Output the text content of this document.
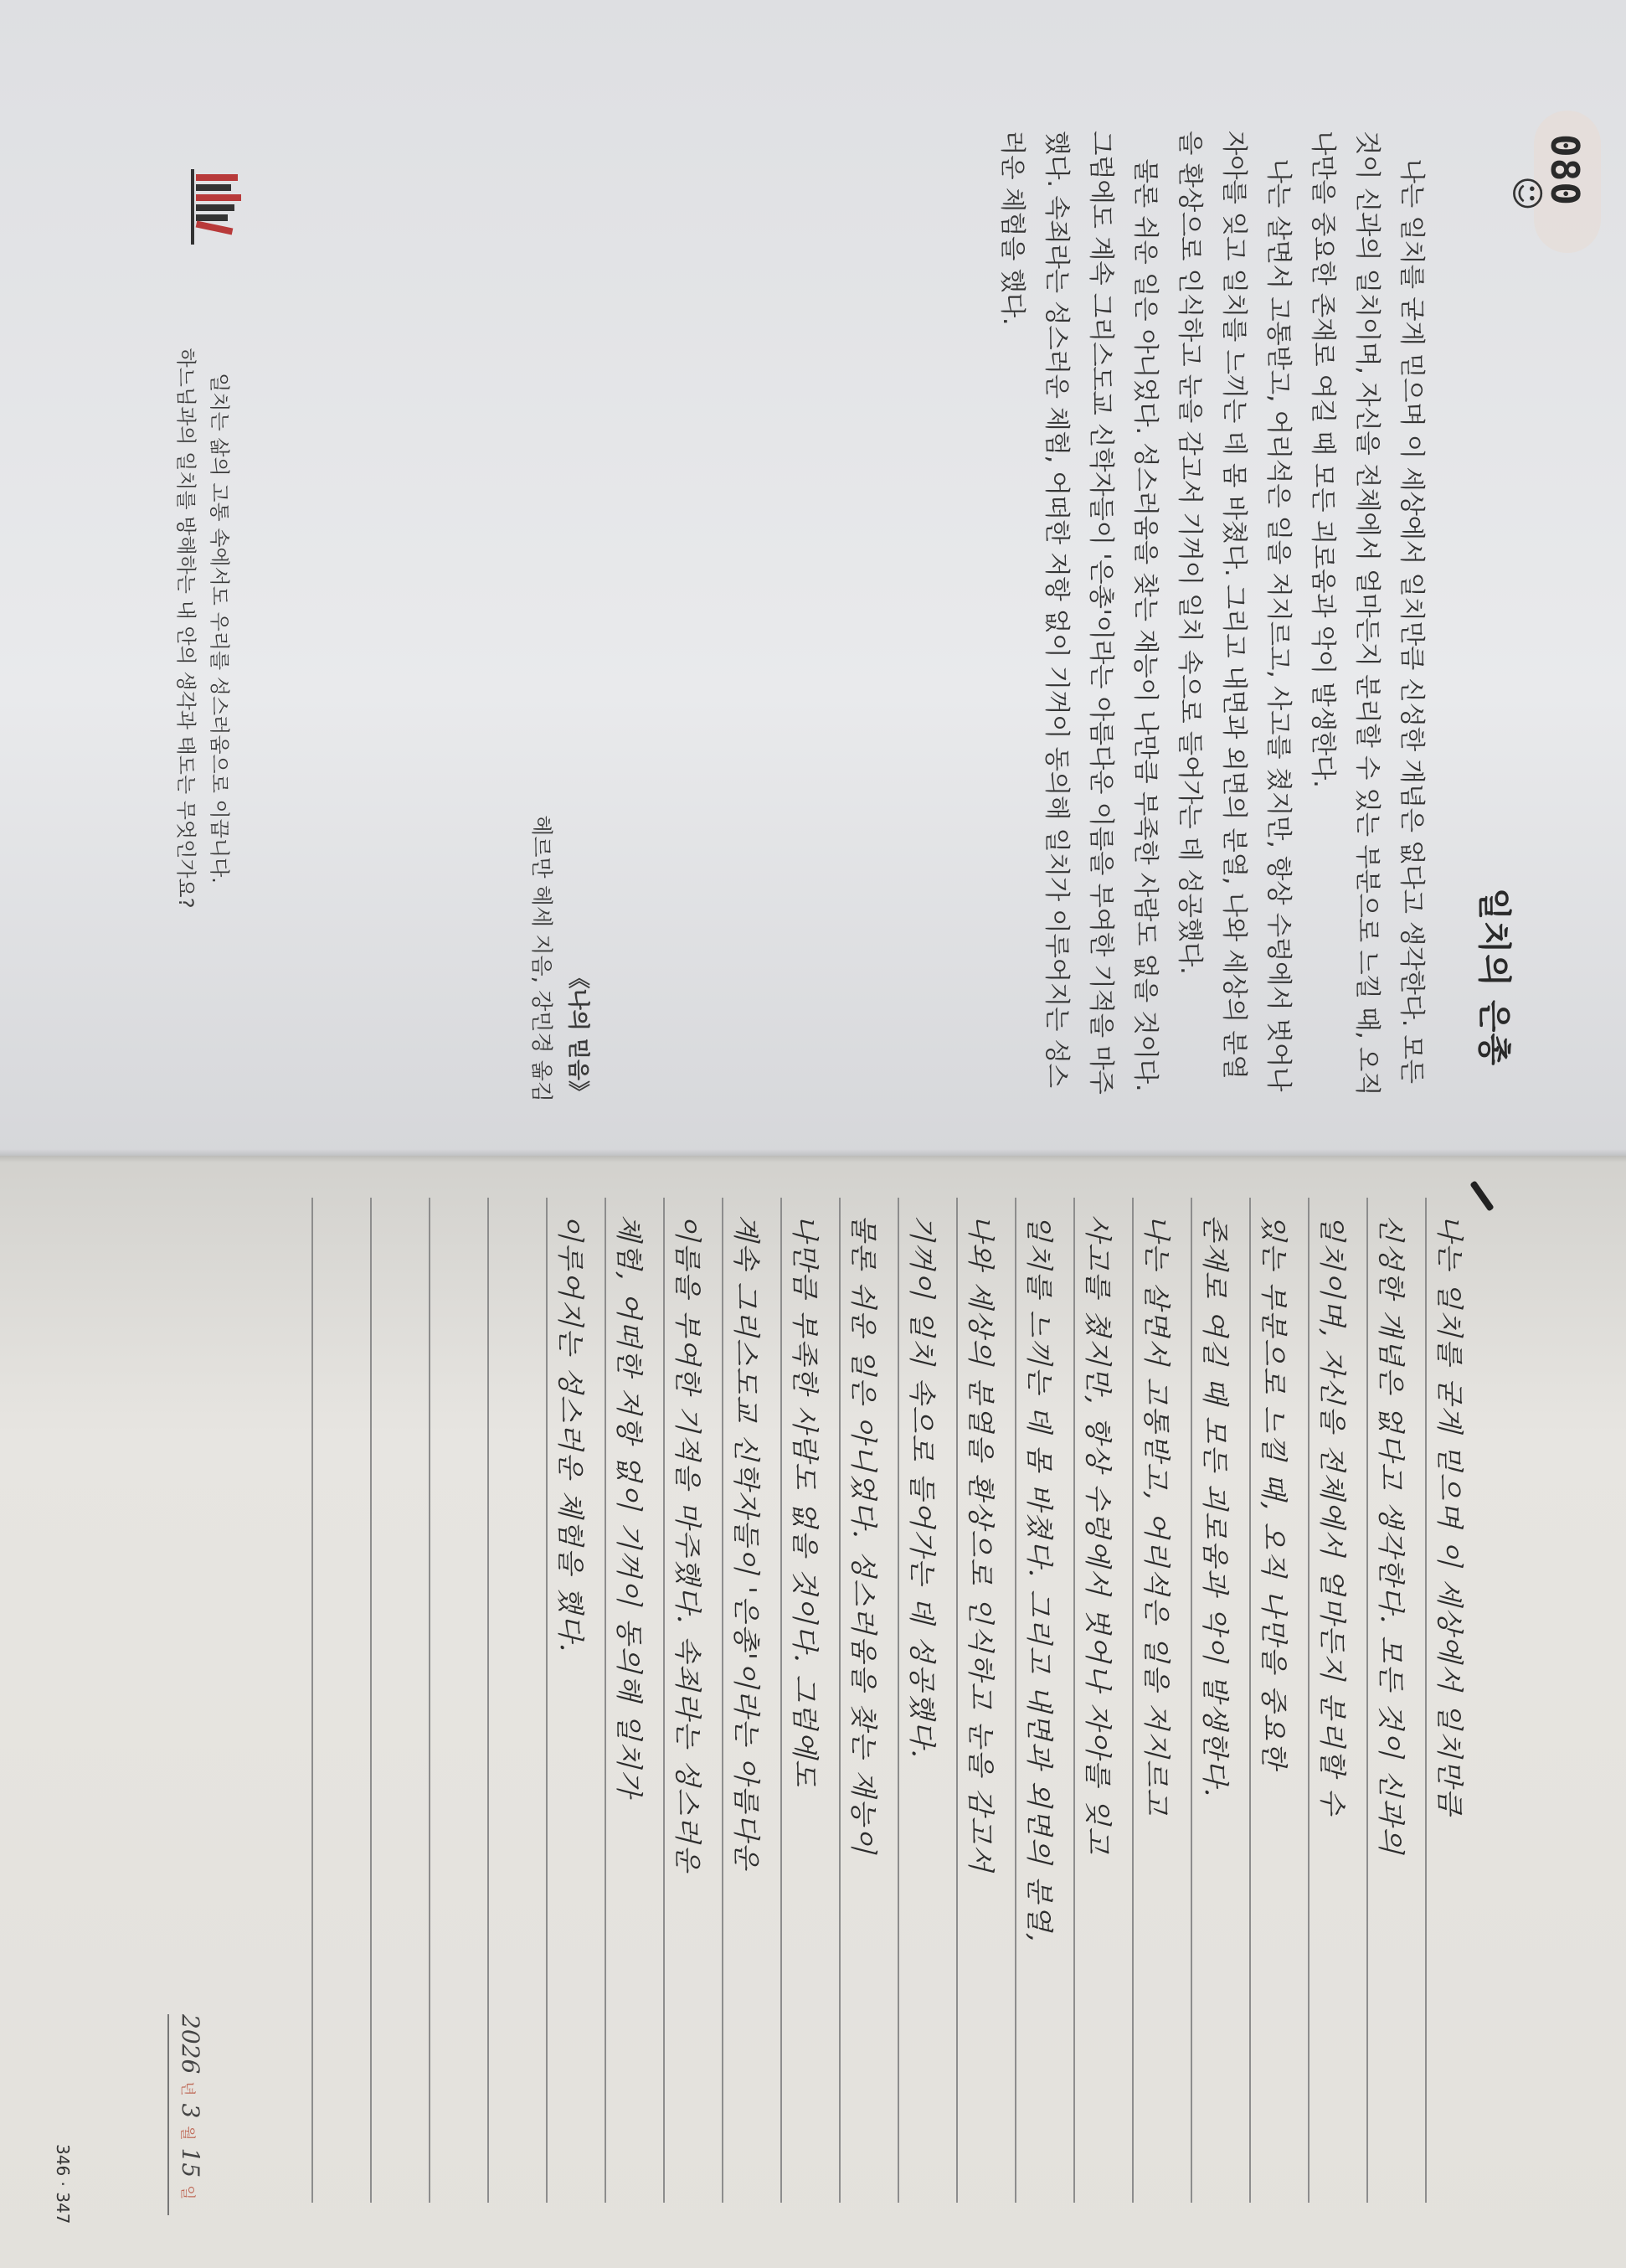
080
☺
일치의 은총

나는 일치를 굳게 믿으며 이 세상에서 일치만큼 신성한 개념은 없다고 생각한다. 모든 것이 신과의 일치이며, 자신을 전체에서 얼마든지 분리할 수 있는 부분으로 느낄 때, 오직 나만을 중요한 존재로 여길 때 모든 괴로움과 악이 발생한다.

나는 살면서 고통받고, 어리석은 일을 저지르고, 사고를 쳤지만, 항상 수렁에서 벗어나 자아를 잊고 일치를 느끼는 데 몸 바쳤다. 그리고 내면과 외면의 분열, 나와 세상의 분열을 환상으로 인식하고 눈을 감고서 기꺼이 일치 속으로 들어가는 데 성공했다.

물론 쉬운 일은 아니었다. 성스러움을 찾는 재능이 나만큼 부족한 사람도 없을 것이다. 그럼에도 계속 그리스도교 신학자들이 '은총'이라는 아름다운 이름을 부여한 기적을 마주했다. 속죄라는 성스러운 체험, 어떠한 저항 없이 기꺼이 동의해 일치가 이루어지는 성스러운 체험을 했다.

《나의 믿음》
헤르만 헤세 지음, 강민경 옮김
일치는 삶의 고통 속에서도 우리를 성스러움으로 이끕니다.
하느님과의 일치를 방해하는 내 안의 생각과 태도는 무엇인가요?
2026 년 3 월 15 일
나는 일치를 굳게 믿으며 이 세상에서 일치만큼
신성한 개념은 없다고 생각한다. 모든 것이 신과의
일치이며, 자신을 전체에서 얼마든지 분리할 수
있는 부분으로 느낄 때, 오직 나만을 중요한
존재로 여길 때 모든 괴로움과 악이 발생한다.
나는 살면서 고통받고, 어리석은 일을 저지르고
사고를 쳤지만, 항상 수렁에서 벗어나 자아를 잊고
일치를 느끼는 데 몸 바쳤다. 그리고 내면과 외면의 분열,
나와 세상의 분열을 환상으로 인식하고 눈을 감고서
기꺼이 일치 속으로 들어가는 데 성공했다.
물론 쉬운 일은 아니었다. 성스러움을 찾는 재능이
나만큼 부족한 사람도 없을 것이다. 그럼에도
계속 그리스도교 신학자들이 '은총'이라는 아름다운
이름을 부여한 기적을 마주했다. 속죄라는 성스러운
체험, 어떠한 저항 없이 기꺼이 동의해 일치가
이루어지는 성스러운 체험을 했다.
346 · 347
